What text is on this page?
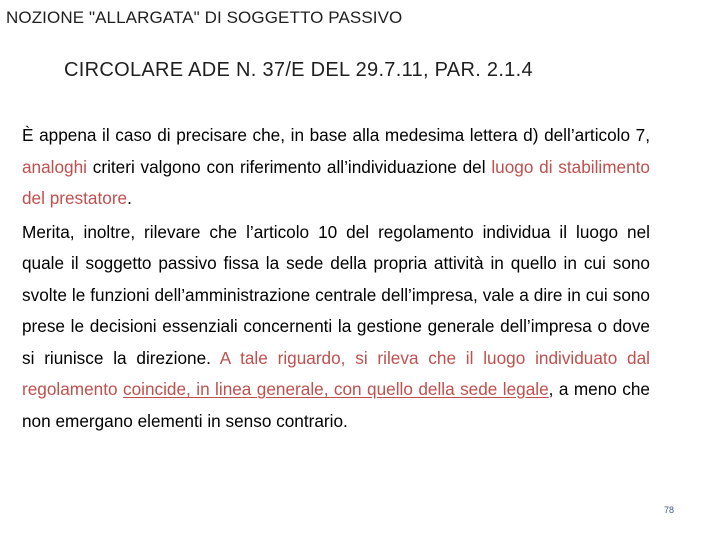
NOZIONE "ALLARGATA" DI SOGGETTO PASSIVO
CIRCOLARE ADE N. 37/E DEL 29.7.11, PAR. 2.1.4

È appena il caso di precisare che, in base alla medesima lettera d) dell’articolo 7, analoghi criteri valgono con riferimento all’individuazione del luogo di stabilimento del prestatore.

Merita, inoltre, rilevare che l’articolo 10 del regolamento individua il luogo nel quale il soggetto passivo fissa la sede della propria attività in quello in cui sono svolte le funzioni dell’amministrazione centrale dell’impresa, vale a dire in cui sono prese le decisioni essenziali concernenti la gestione generale dell’impresa o dove si riunisce la direzione. A tale riguardo, si rileva che il luogo individuato dal regolamento coincide, in linea generale, con quello della sede legale, a meno che non emergano elementi in senso contrario.

78
